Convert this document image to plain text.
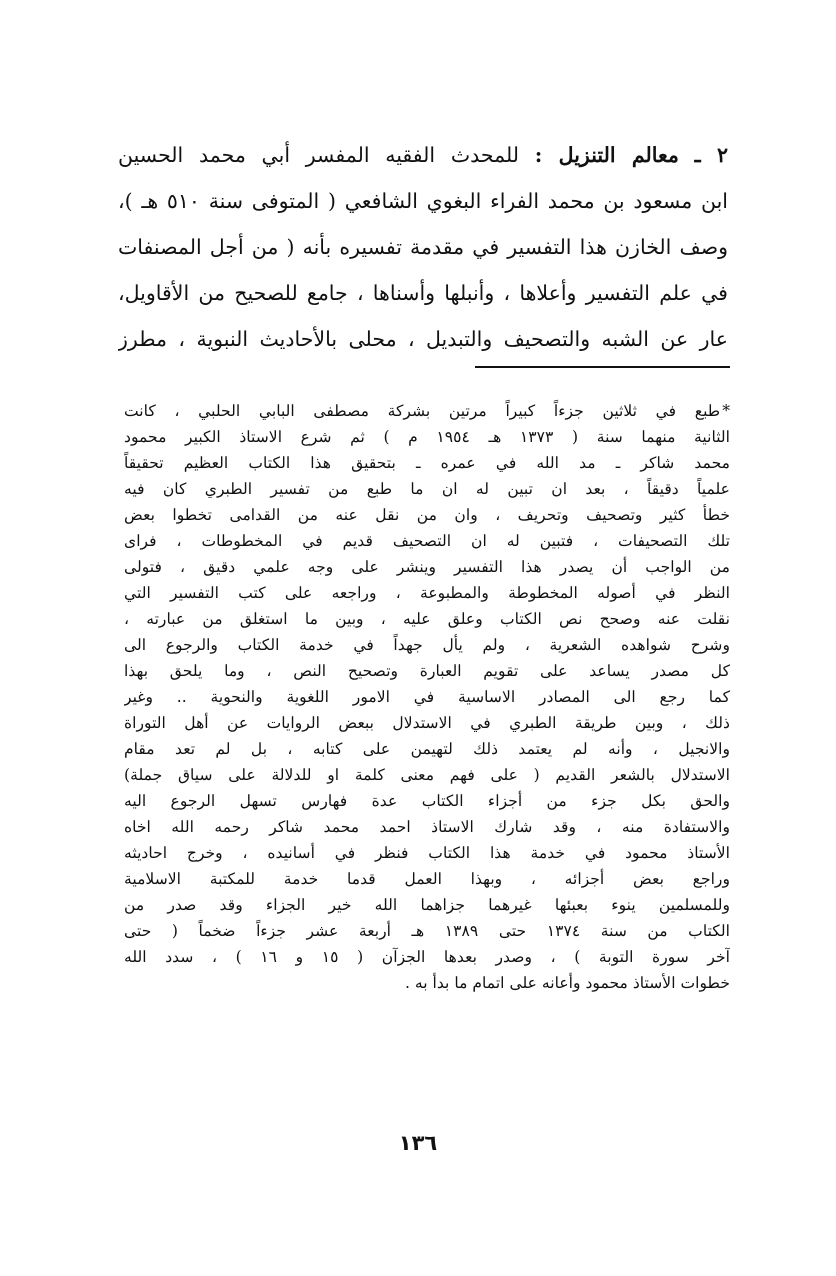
٢ ـ معالم التنزيل : للمحدث الفقيه المفسر أبي محمد الحسين
ابن مسعود بن محمد الفراء البغوي الشافعي ( المتوفى سنة ٥١٠ هـ )،
وصف الخازن هذا التفسير في مقدمة تفسيره بأنه ( من أجل المصنفات
في علم التفسير وأعلاها ، وأنبلها وأسناها ، جامع للصحيح من الأقاويل،
عار عن الشبه والتصحيف والتبديل ، محلى بالأحاديث النبوية ، مطرز
*طبع في ثلاثين جزءاً كبيراً مرتين بشركة مصطفى البابي الحلبي ، كانت
الثانية منهما سنة ( ١٣٧٣ هـ ١٩٥٤ م ) ثم شرع الاستاذ الكبير محمود
محمد شاكر ـ مد الله في عمره ـ بتحقيق هذا الكتاب العظيم تحقيقاً
علمياً دقيقاً ، بعد ان تبين له ان ما طبع من تفسير الطبري كان فيه
خطأ كثير وتصحيف وتحريف ، وان من نقل عنه من القدامى تخطوا بعض
تلك التصحيفات ، فتبين له ان التصحيف قديم في المخطوطات ، فراى
من الواجب أن يصدر هذا التفسير وينشر على وجه علمي دقيق ، فتولى
النظر في أصوله المخطوطة والمطبوعة ، وراجعه على كتب التفسير التي
نقلت عنه وصحح نص الكتاب وعلق عليه ، وبين ما استغلق من عبارته ،
وشرح شواهده الشعرية ، ولم يأل جهداً في خدمة الكتاب والرجوع الى
كل مصدر يساعد على تقويم العبارة وتصحيح النص ، وما يلحق بهذا
كما رجع الى المصادر الاساسية في الامور اللغوية والنحوية .. وغير
ذلك ، وبين طريقة الطبري في الاستدلال ببعض الروايات عن أهل التوراة
والانجيل ، وأنه لم يعتمد ذلك لتهيمن على كتابه ، بل لم تعد مقام
الاستدلال بالشعر القديم ( على فهم معنى كلمة او للدلالة على سياق جملة)
والحق بكل جزء من أجزاء الكتاب عدة فهارس تسهل الرجوع اليه
والاستفادة منه ، وقد شارك الاستاذ احمد محمد شاكر رحمه الله اخاه
الأستاذ محمود في خدمة هذا الكتاب فنظر في أسانيده ، وخرج احاديثه
وراجع بعض أجزائه ، وبهذا العمل قدما خدمة للمكتبة الاسلامية
وللمسلمين ينوء بعبئها غيرهما جزاهما الله خير الجزاء وقد صدر من
الكتاب من سنة ١٣٧٤ حتى ١٣٨٩ هـ أربعة عشر جزءاً ضخماً ( حتى
آخر سورة التوبة ) ، وصدر بعدها الجزآن ( ١٥ و ١٦ ) ، سدد الله
خطوات الأستاذ محمود وأعانه على اتمام ما بدأ به .
١٣٦
